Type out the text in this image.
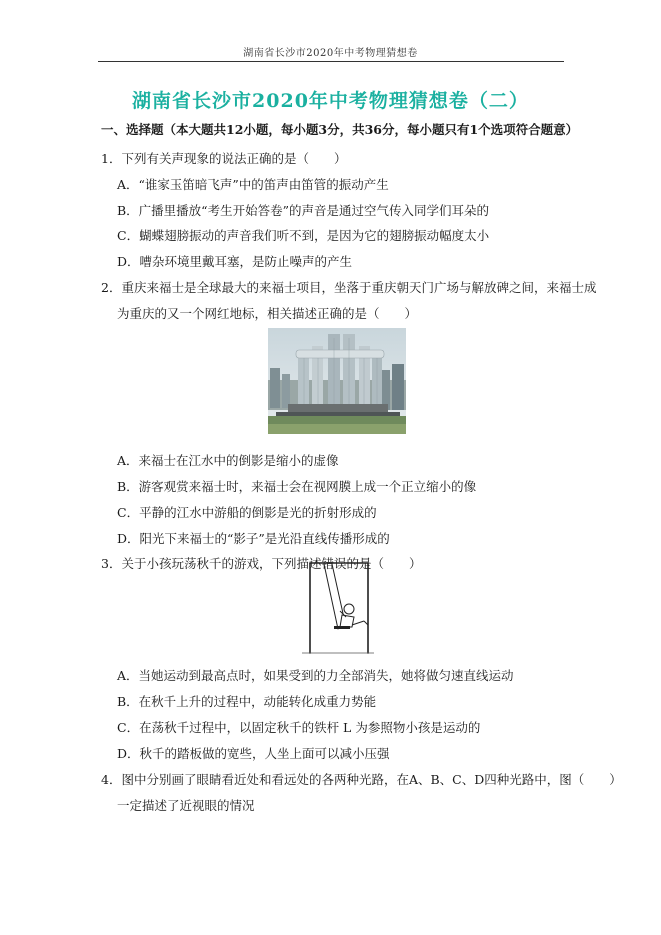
湖南省长沙市2020年中考物理猜想卷
湖南省长沙市2020年中考物理猜想卷（二）
一、选择题（本大题共12小题，每小题3分，共36分，每小题只有1个选项符合题意）
1．下列有关声现象的说法正确的是（　　）
A．“谁家玉笛暗飞声”中的笛声由笛管的振动产生
B．广播里播放“考生开始答卷”的声音是通过空气传入同学们耳朵的
C．蝴蝶翅膀振动的声音我们听不到，是因为它的翅膀振动幅度太小
D．嘈杂环境里戴耳塞，是防止噪声的产生
2．重庆来福士是全球最大的来福士项目，坐落于重庆朝天门广场与解放碑之间，来福士成
为重庆的又一个网红地标，相关描述正确的是（　　）
A．来福士在江水中的倒影是缩小的虚像
B．游客观赏来福士时，来福士会在视网膜上成一个正立缩小的像
C．平静的江水中游船的倒影是光的折射形成的
D．阳光下来福士的“影子”是光沿直线传播形成的
3．关于小孩玩荡秋千的游戏，下列描述错误的是（　　）
A．当她运动到最高点时，如果受到的力全部消失，她将做匀速直线运动
B．在秋千上升的过程中，动能转化成重力势能
C．在荡秋千过程中，以固定秋千的铁杆 L 为参照物小孩是运动的
D．秋千的踏板做的宽些，人坐上面可以减小压强
4．图中分别画了眼睛看近处和看远处的各两种光路，在A、B、C、D四种光路中，图（　　）
一定描述了近视眼的情况
